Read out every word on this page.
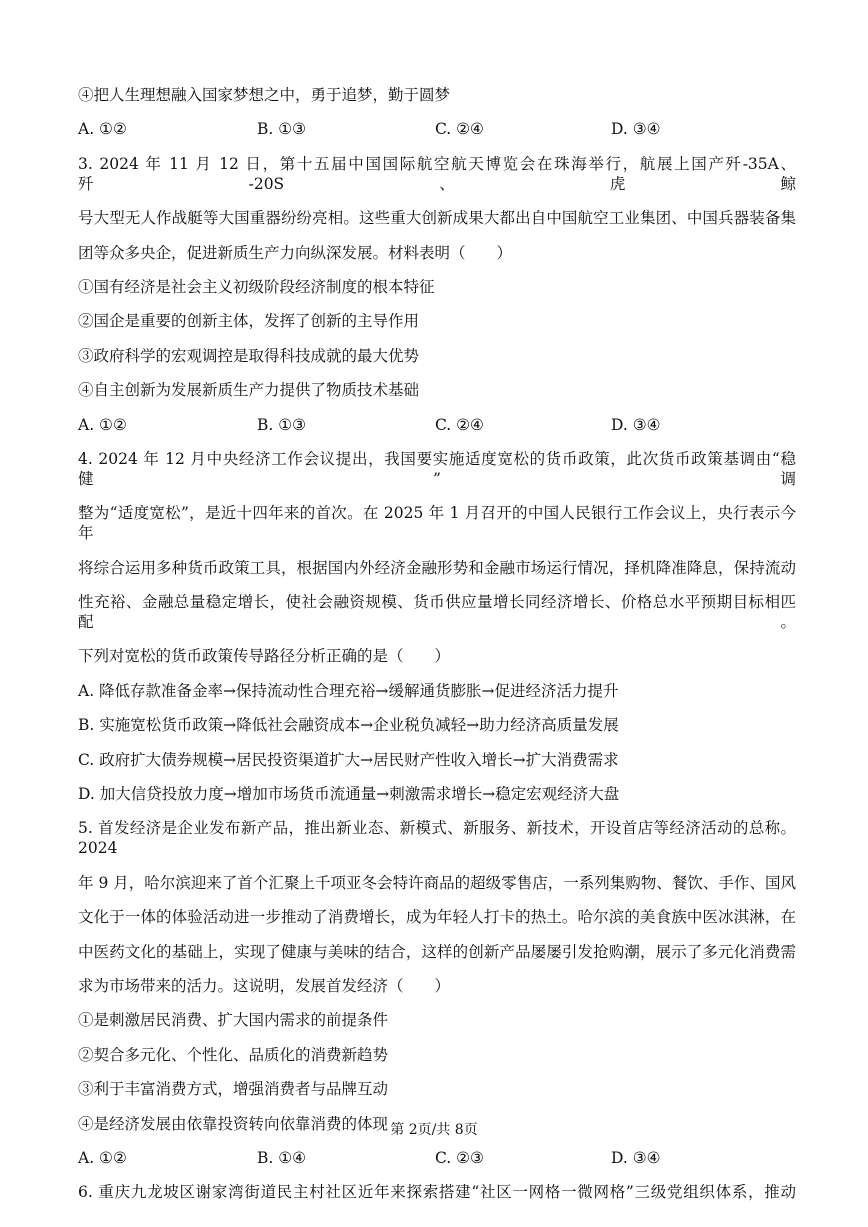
④把人生理想融入国家梦想之中，勇于追梦，勤于圆梦
A. ①②	B. ①③	C. ②④	D. ③④
3. 2024 年 11 月 12 日，第十五届中国国际航空航天博览会在珠海举行，航展上国产歼-35A、歼-20S、虎鲸
号大型无人作战艇等大国重器纷纷亮相。这些重大创新成果大都出自中国航空工业集团、中国兵器装备集
团等众多央企，促进新质生产力向纵深发展。材料表明（　　）
①国有经济是社会主义初级阶段经济制度的根本特征
②国企是重要的创新主体，发挥了创新的主导作用
③政府科学的宏观调控是取得科技成就的最大优势
④自主创新为发展新质生产力提供了物质技术基础
A. ①②	B. ①③	C. ②④	D. ③④
4. 2024 年 12 月中央经济工作会议提出，我国要实施适度宽松的货币政策，此次货币政策基调由“稳健”调
整为“适度宽松”，是近十四年来的首次。在 2025 年 1 月召开的中国人民银行工作会议上，央行表示今年
将综合运用多种货币政策工具，根据国内外经济金融形势和金融市场运行情况，择机降准降息，保持流动
性充裕、金融总量稳定增长，使社会融资规模、货币供应量增长同经济增长、价格总水平预期目标相匹配。
下列对宽松的货币政策传导路径分析正确的是（　　）
A. 降低存款准备金率→保持流动性合理充裕→缓解通货膨胀→促进经济活力提升
B. 实施宽松货币政策→降低社会融资成本→企业税负减轻→助力经济高质量发展
C. 政府扩大债券规模→居民投资渠道扩大→居民财产性收入增长→扩大消费需求
D. 加大信贷投放力度→增加市场货币流通量→刺激需求增长→稳定宏观经济大盘
5. 首发经济是企业发布新产品，推出新业态、新模式、新服务、新技术，开设首店等经济活动的总称。2024
年 9 月，哈尔滨迎来了首个汇聚上千项亚冬会特许商品的超级零售店，一系列集购物、餐饮、手作、国风
文化于一体的体验活动进一步推动了消费增长，成为年轻人打卡的热土。哈尔滨的美食族中医冰淇淋，在
中医药文化的基础上，实现了健康与美味的结合，这样的创新产品屡屡引发抢购潮，展示了多元化消费需
求为市场带来的活力。这说明，发展首发经济（　　）
①是刺激居民消费、扩大国内需求的前提条件
②契合多元化、个性化、品质化的消费新趋势
③利于丰富消费方式，增强消费者与品牌互动
④是经济发展由依靠投资转向依靠消费的体现
A. ①②	B. ①④	C. ②③	D. ③④
6. 重庆九龙坡区谢家湾街道民主村社区近年来探索搭建“社区一网格一微网格”三级党组织体系，推动
第 2页/共 8页
